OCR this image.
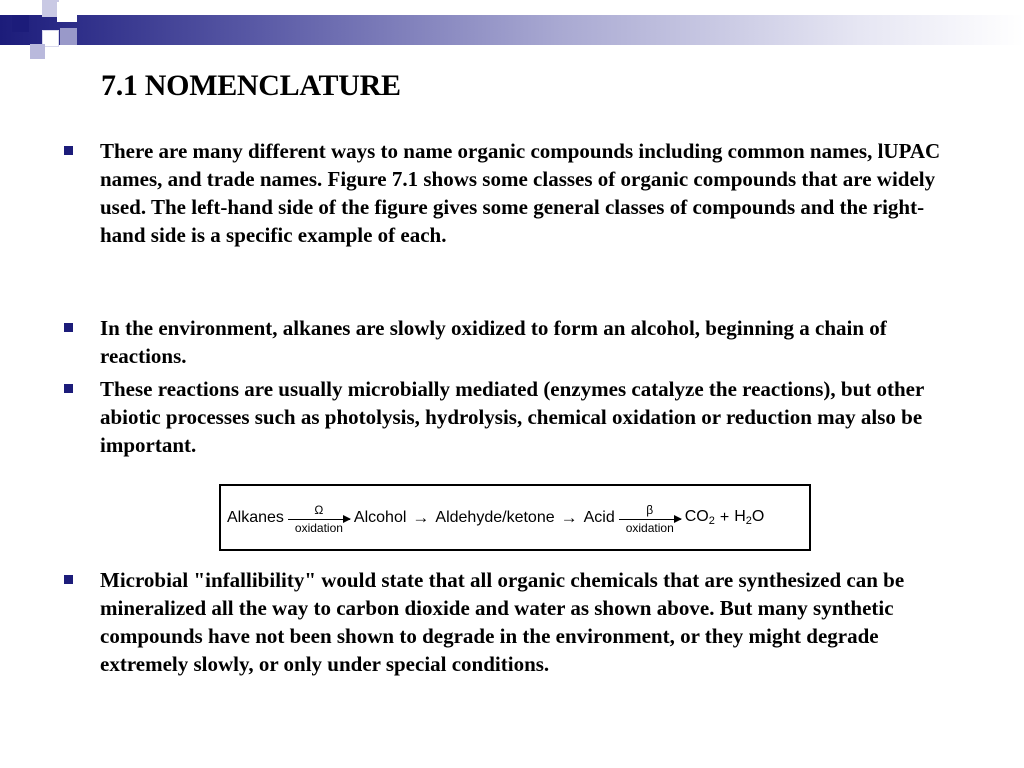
7.1 NOMENCLATURE

There are many different ways to name organic compounds including common names, lUPAC names, and trade names. Figure 7.1 shows some classes of organic compounds that are widely used. The left-hand side of the figure gives some general classes of compounds and the right-hand side is a specific example of each.

In the environment, alkanes are slowly oxidized to form an alcohol, beginning a chain of reactions.

These reactions are usually microbially mediated (enzymes catalyze the reactions), but other abiotic processes such as photolysis, hydrolysis, chemical oxidation or reduction may also be important.

Alkanes	Ω
oxidation
Alcohol → Aldehyde/ketone → Acid	β
oxidation
$CO_2 + H_2O$

Microbial "infallibility" would state that all organic chemicals that are synthesized can be mineralized all the way to carbon dioxide and water as shown above. But many synthetic compounds have not been shown to degrade in the environment, or they might degrade extremely slowly, or only under special conditions.
